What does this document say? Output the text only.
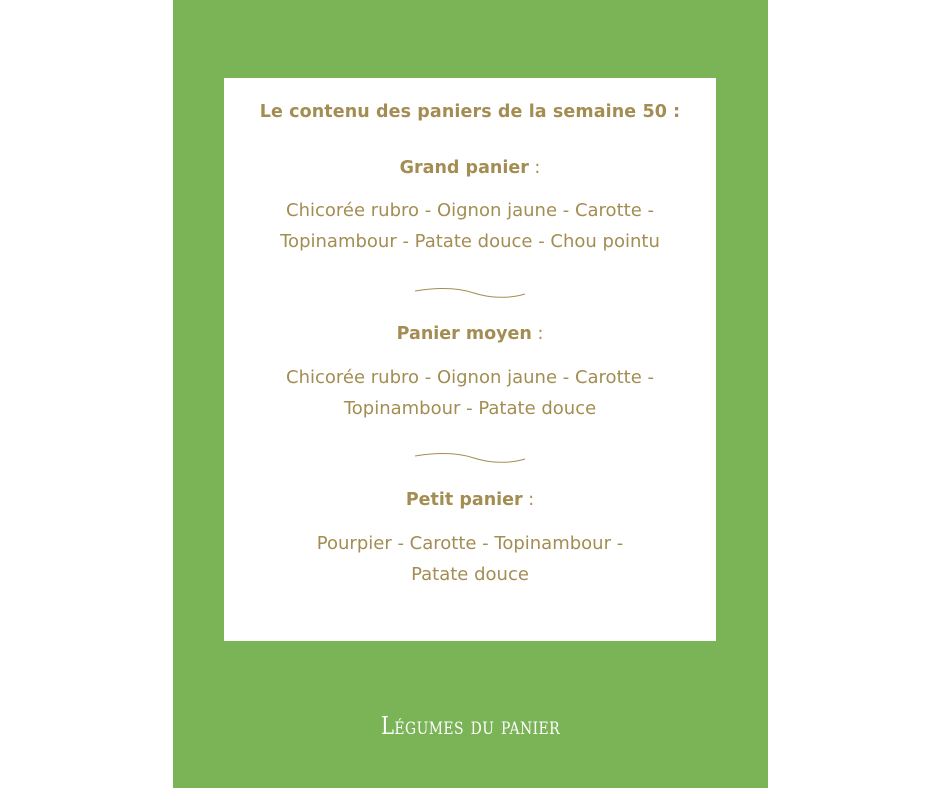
Le contenu des paniers de la semaine 50 :

Grand panier :

Chicorée rubro - Oignon jaune - Carotte -
Topinambour - Patate douce - Chou pointu

Panier moyen :

Chicorée rubro - Oignon jaune - Carotte -
Topinambour - Patate douce

Petit panier :

Pourpier - Carotte - Topinambour -
Patate douce
Légumes du panier
